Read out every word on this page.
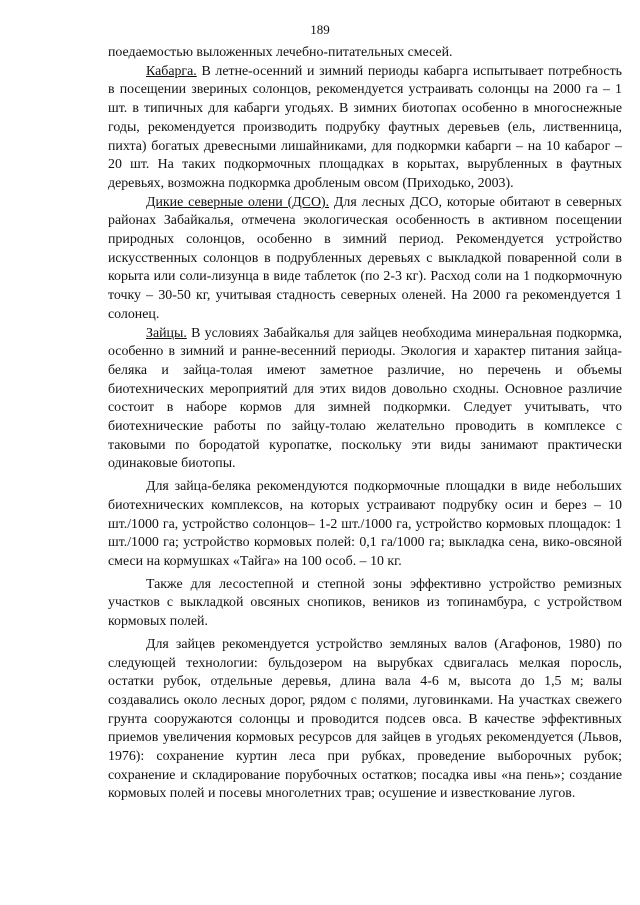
189

поедаемостью выложенных лечебно-питательных смесей.

Кабарга. В летне-осенний и зимний периоды кабарга испытывает потребность в посещении звериных солонцов, рекомендуется устраивать солонцы на 2000 га – 1 шт. в типичных для кабарги угодьях. В зимних биотопах особенно в многоснежные годы, рекомендуется производить подрубку фаутных деревьев (ель, лиственница, пихта) богатых древесными лишайниками, для подкормки кабарги – на 10 кабарог – 20 шт. На таких подкормочных площадках в корытах, вырубленных в фаутных деревьях, возможна подкормка дробленым овсом (Приходько, 2003).

Дикие северные олени (ДСО). Для лесных ДСО, которые обитают в северных районах Забайкалья, отмечена экологическая особенность в активном посещении природных солонцов, особенно в зимний период. Рекомендуется устройство искусственных солонцов в подрубленных деревьях с выкладкой поваренной соли в корыта или соли-лизунца в виде таблеток (по 2-3 кг). Расход соли на 1 подкормочную точку – 30-50 кг, учитывая стадность северных оленей. На 2000 га рекомендуется 1 солонец.

Зайцы. В условиях Забайкалья для зайцев необходима минеральная подкормка, особенно в зимний и ранне-весенний периоды. Экология и характер питания зайца-беляка и зайца-толая имеют заметное различие, но перечень и объемы биотехнических мероприятий для этих видов довольно сходны. Основное различие состоит в наборе кормов для зимней подкормки. Следует учитывать, что биотехнические работы по зайцу-толаю желательно проводить в комплексе с таковыми по бородатой куропатке, поскольку эти виды занимают практически одинаковые биотопы.

Для зайца-беляка рекомендуются подкормочные площадки в виде небольших биотехнических комплексов, на которых устраивают подрубку осин и берез – 10 шт./1000 га, устройство солонцов– 1-2 шт./1000 га, устройство кормовых площадок: 1 шт./1000 га; устройство кормовых полей: 0,1 га/1000 га; выкладка сена, вико-овсяной смеси на кормушках «Тайга» на 100 особ. – 10 кг.

Также для лесостепной и степной зоны эффективно устройство ремизных участков с выкладкой овсяных снопиков, веников из топинамбура, с устройством кормовых полей.

Для зайцев рекомендуется устройство земляных валов (Агафонов, 1980) по следующей технологии: бульдозером на вырубках сдвигалась мелкая поросль, остатки рубок, отдельные деревья, длина вала 4-6 м, высота до 1,5 м; валы создавались около лесных дорог, рядом с полями, луговинками. На участках свежего грунта сооружаются солонцы и проводится подсев овса. В качестве эффективных приемов увеличения кормовых ресурсов для зайцев в угодьях рекомендуется (Львов, 1976): сохранение куртин леса при рубках, проведение выборочных рубок; сохранение и складирование порубочных остатков; посадка ивы «на пень»; создание кормовых полей и посевы многолетних трав; осушение и известкование лугов.
